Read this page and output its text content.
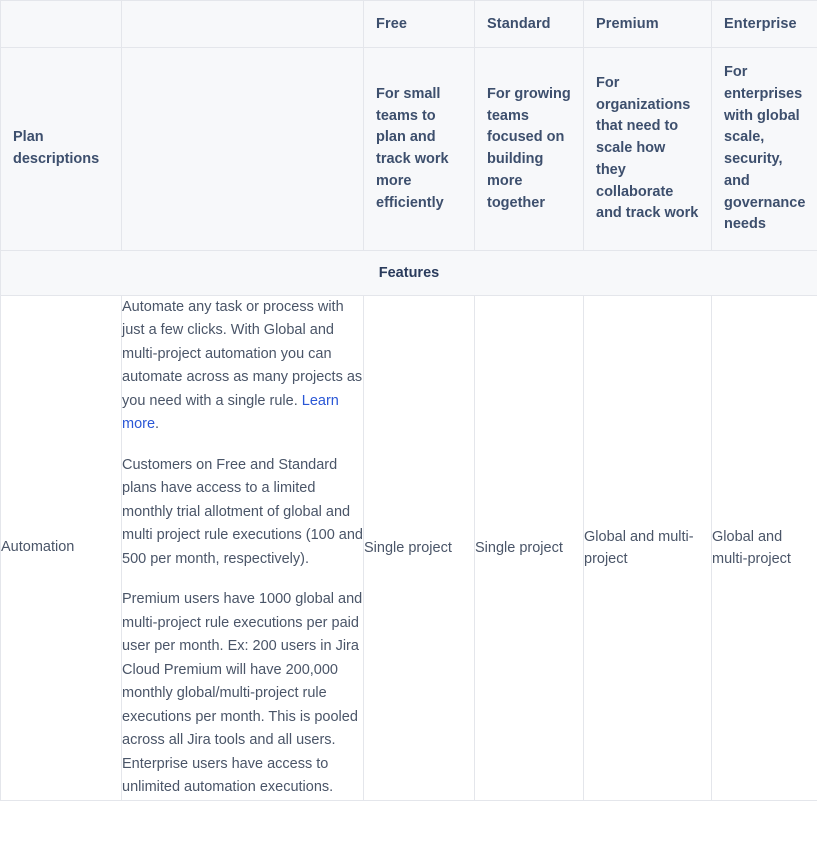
		Free	Standard	Premium	Enterprise
Plan descriptions		For small teams to plan and track work more efficiently	For growing teams focused on building more together	For organizations that need to scale how they collaborate and track work	For enterprises with global scale, security, and governance needs
Features					
Automation	Automate any task or process with just a few clicks. With Global and multi-project automation you can automate across as many projects as you need with a single rule. Learn more.

Customers on Free and Standard plans have access to a limited monthly trial allotment of global and multi project rule executions (100 and 500 per month, respectively).

Premium users have 1000 global and multi-project rule executions per paid user per month. Ex: 200 users in Jira Cloud Premium will have 200,000 monthly global/multi-project rule executions per month. This is pooled across all Jira tools and all users. Enterprise users have access to unlimited automation executions.	Single project	Single project	Global and multi-project	Global and multi-project
